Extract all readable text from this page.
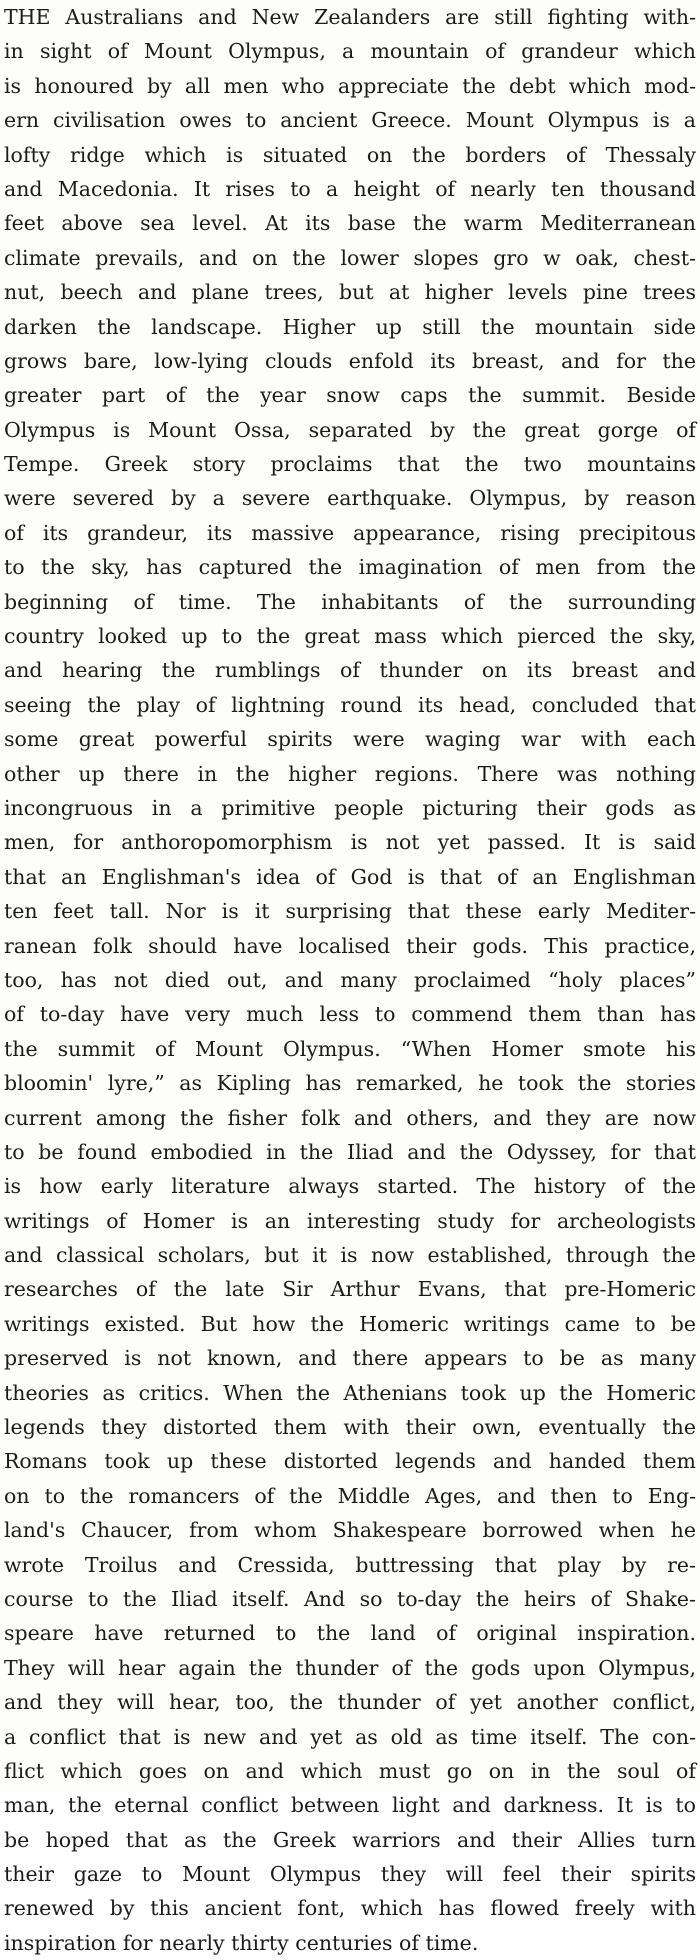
THE Australians and New Zealanders are still fighting with-
in sight of Mount Olympus, a mountain of grandeur which
is honoured by all men who appreciate the debt which mod-
ern civilisation owes to ancient Greece. Mount Olympus is a
lofty ridge which is situated on the borders of Thessaly
and Macedonia. It rises to a height of nearly ten thousand
feet above sea level. At its base the warm Mediterranean
climate prevails, and on the lower slopes gro w oak, chest-
nut, beech and plane trees, but at higher levels pine trees
darken the landscape. Higher up still the mountain side
grows bare, low-lying clouds enfold its breast, and for the
greater part of the year snow caps the summit. Beside
Olympus is Mount Ossa, separated by the great gorge of
Tempe. Greek story proclaims that the two mountains
were severed by a severe earthquake. Olympus, by reason
of its grandeur, its massive appearance, rising precipitous
to the sky, has captured the imagination of men from the
beginning of time. The inhabitants of the surrounding
country looked up to the great mass which pierced the sky,
and hearing the rumblings of thunder on its breast and
seeing the play of lightning round its head, concluded that
some great powerful spirits were waging war with each
other up there in the higher regions. There was nothing
incongruous in a primitive people picturing their gods as
men, for anthoropomorphism is not yet passed. It is said
that an Englishman's idea of God is that of an Englishman
ten feet tall. Nor is it surprising that these early Mediter-
ranean folk should have localised their gods. This practice,
too, has not died out, and many proclaimed “holy places”
of to-day have very much less to commend them than has
the summit of Mount Olympus. “When Homer smote his
bloomin' lyre,” as Kipling has remarked, he took the stories
current among the fisher folk and others, and they are now
to be found embodied in the Iliad and the Odyssey, for that
is how early literature always started. The history of the
writings of Homer is an interesting study for archeologists
and classical scholars, but it is now established, through the
researches of the late Sir Arthur Evans, that pre-Homeric
writings existed. But how the Homeric writings came to be
preserved is not known, and there appears to be as many
theories as critics. When the Athenians took up the Homeric
legends they distorted them with their own, eventually the
Romans took up these distorted legends and handed them
on to the romancers of the Middle Ages, and then to Eng-
land's Chaucer, from whom Shakespeare borrowed when he
wrote Troilus and Cressida, buttressing that play by re-
course to the Iliad itself. And so to-day the heirs of Shake-
speare have returned to the land of original inspiration.
They will hear again the thunder of the gods upon Olympus,
and they will hear, too, the thunder of yet another conflict,
a conflict that is new and yet as old as time itself. The con-
flict which goes on and which must go on in the soul of
man, the eternal conflict between light and darkness. It is to
be hoped that as the Greek warriors and their Allies turn
their gaze to Mount Olympus they will feel their spirits
renewed by this ancient font, which has flowed freely with
inspiration for nearly thirty centuries of time.
